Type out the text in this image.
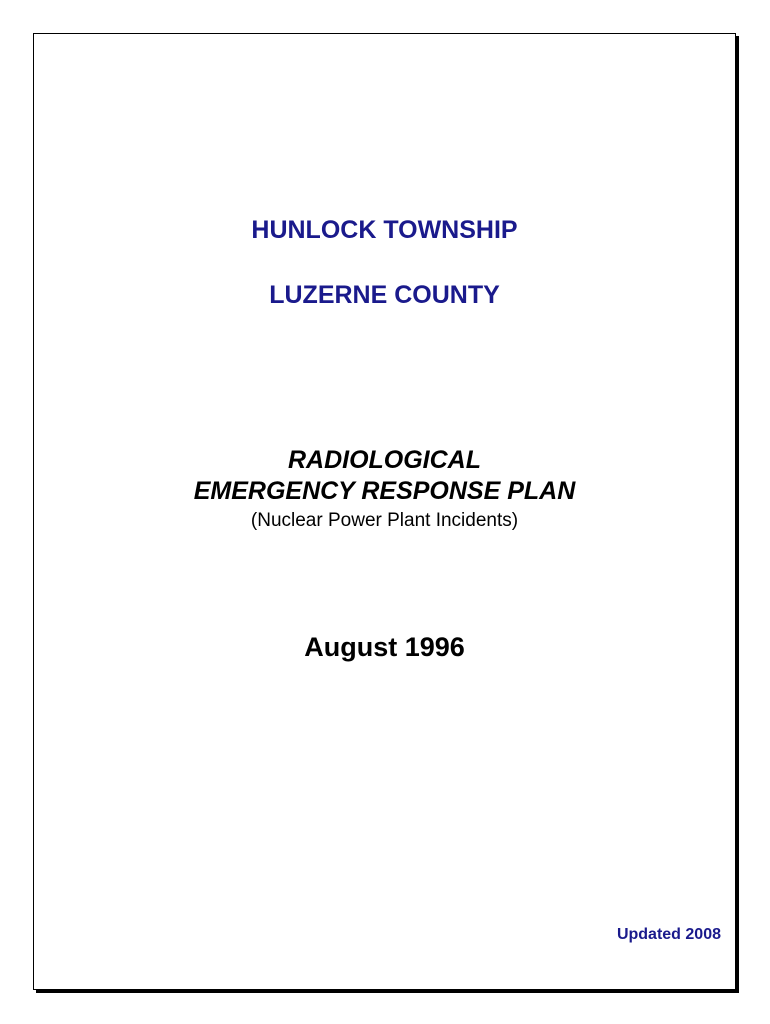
HUNLOCK TOWNSHIP
LUZERNE COUNTY
RADIOLOGICAL
EMERGENCY RESPONSE PLAN
(Nuclear Power Plant Incidents)
August 1996
Updated 2008
